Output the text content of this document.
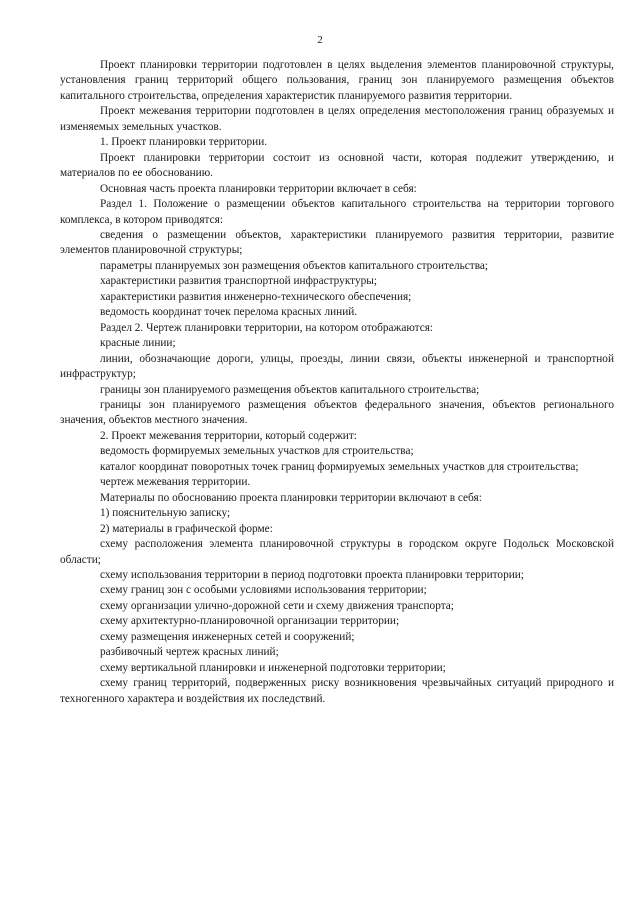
2

Проект планировки территории подготовлен в целях выделения элементов планировочной структуры, установления границ территорий общего пользования, границ зон планируемого размещения объектов капитального строительства, определения характеристик планируемого развития территории.

Проект межевания территории подготовлен в целях определения местоположения границ образуемых и изменяемых земельных участков.

1. Проект планировки территории.

Проект планировки территории состоит из основной части, которая подлежит утверждению, и материалов по ее обоснованию.

Основная часть проекта планировки территории включает в себя:

Раздел 1. Положение о размещении объектов капитального строительства на территории торгового комплекса, в котором приводятся:

сведения о размещении объектов, характеристики планируемого развития территории, развитие элементов планировочной структуры;

параметры планируемых зон размещения объектов капитального строительства;

характеристики развития транспортной инфраструктуры;

характеристики развития инженерно-технического обеспечения;

ведомость координат точек перелома красных линий.

Раздел 2. Чертеж планировки территории, на котором отображаются:

красные линии;

линии, обозначающие дороги, улицы, проезды, линии связи, объекты инженерной и транспортной инфраструктур;

границы зон планируемого размещения объектов капитального строительства;

границы зон планируемого размещения объектов федерального значения, объектов регионального значения, объектов местного значения.

2. Проект межевания территории, который содержит:

ведомость формируемых земельных участков для строительства;

каталог координат поворотных точек границ формируемых земельных участков для строительства;

чертеж межевания территории.

Материалы по обоснованию проекта планировки территории включают в себя:

1) пояснительную записку;

2) материалы в графической форме:

схему расположения элемента планировочной структуры в городском округе Подольск Московской области;

схему использования территории в период подготовки проекта планировки территории;

схему границ зон с особыми условиями использования территории;

схему организации улично-дорожной сети и схему движения транспорта;

схему архитектурно-планировочной организации территории;

схему размещения инженерных сетей и сооружений;

разбивочный чертеж красных линий;

схему вертикальной планировки и инженерной подготовки территории;

схему границ территорий, подверженных риску возникновения чрезвычайных ситуаций природного и техногенного характера и воздействия их последствий.
